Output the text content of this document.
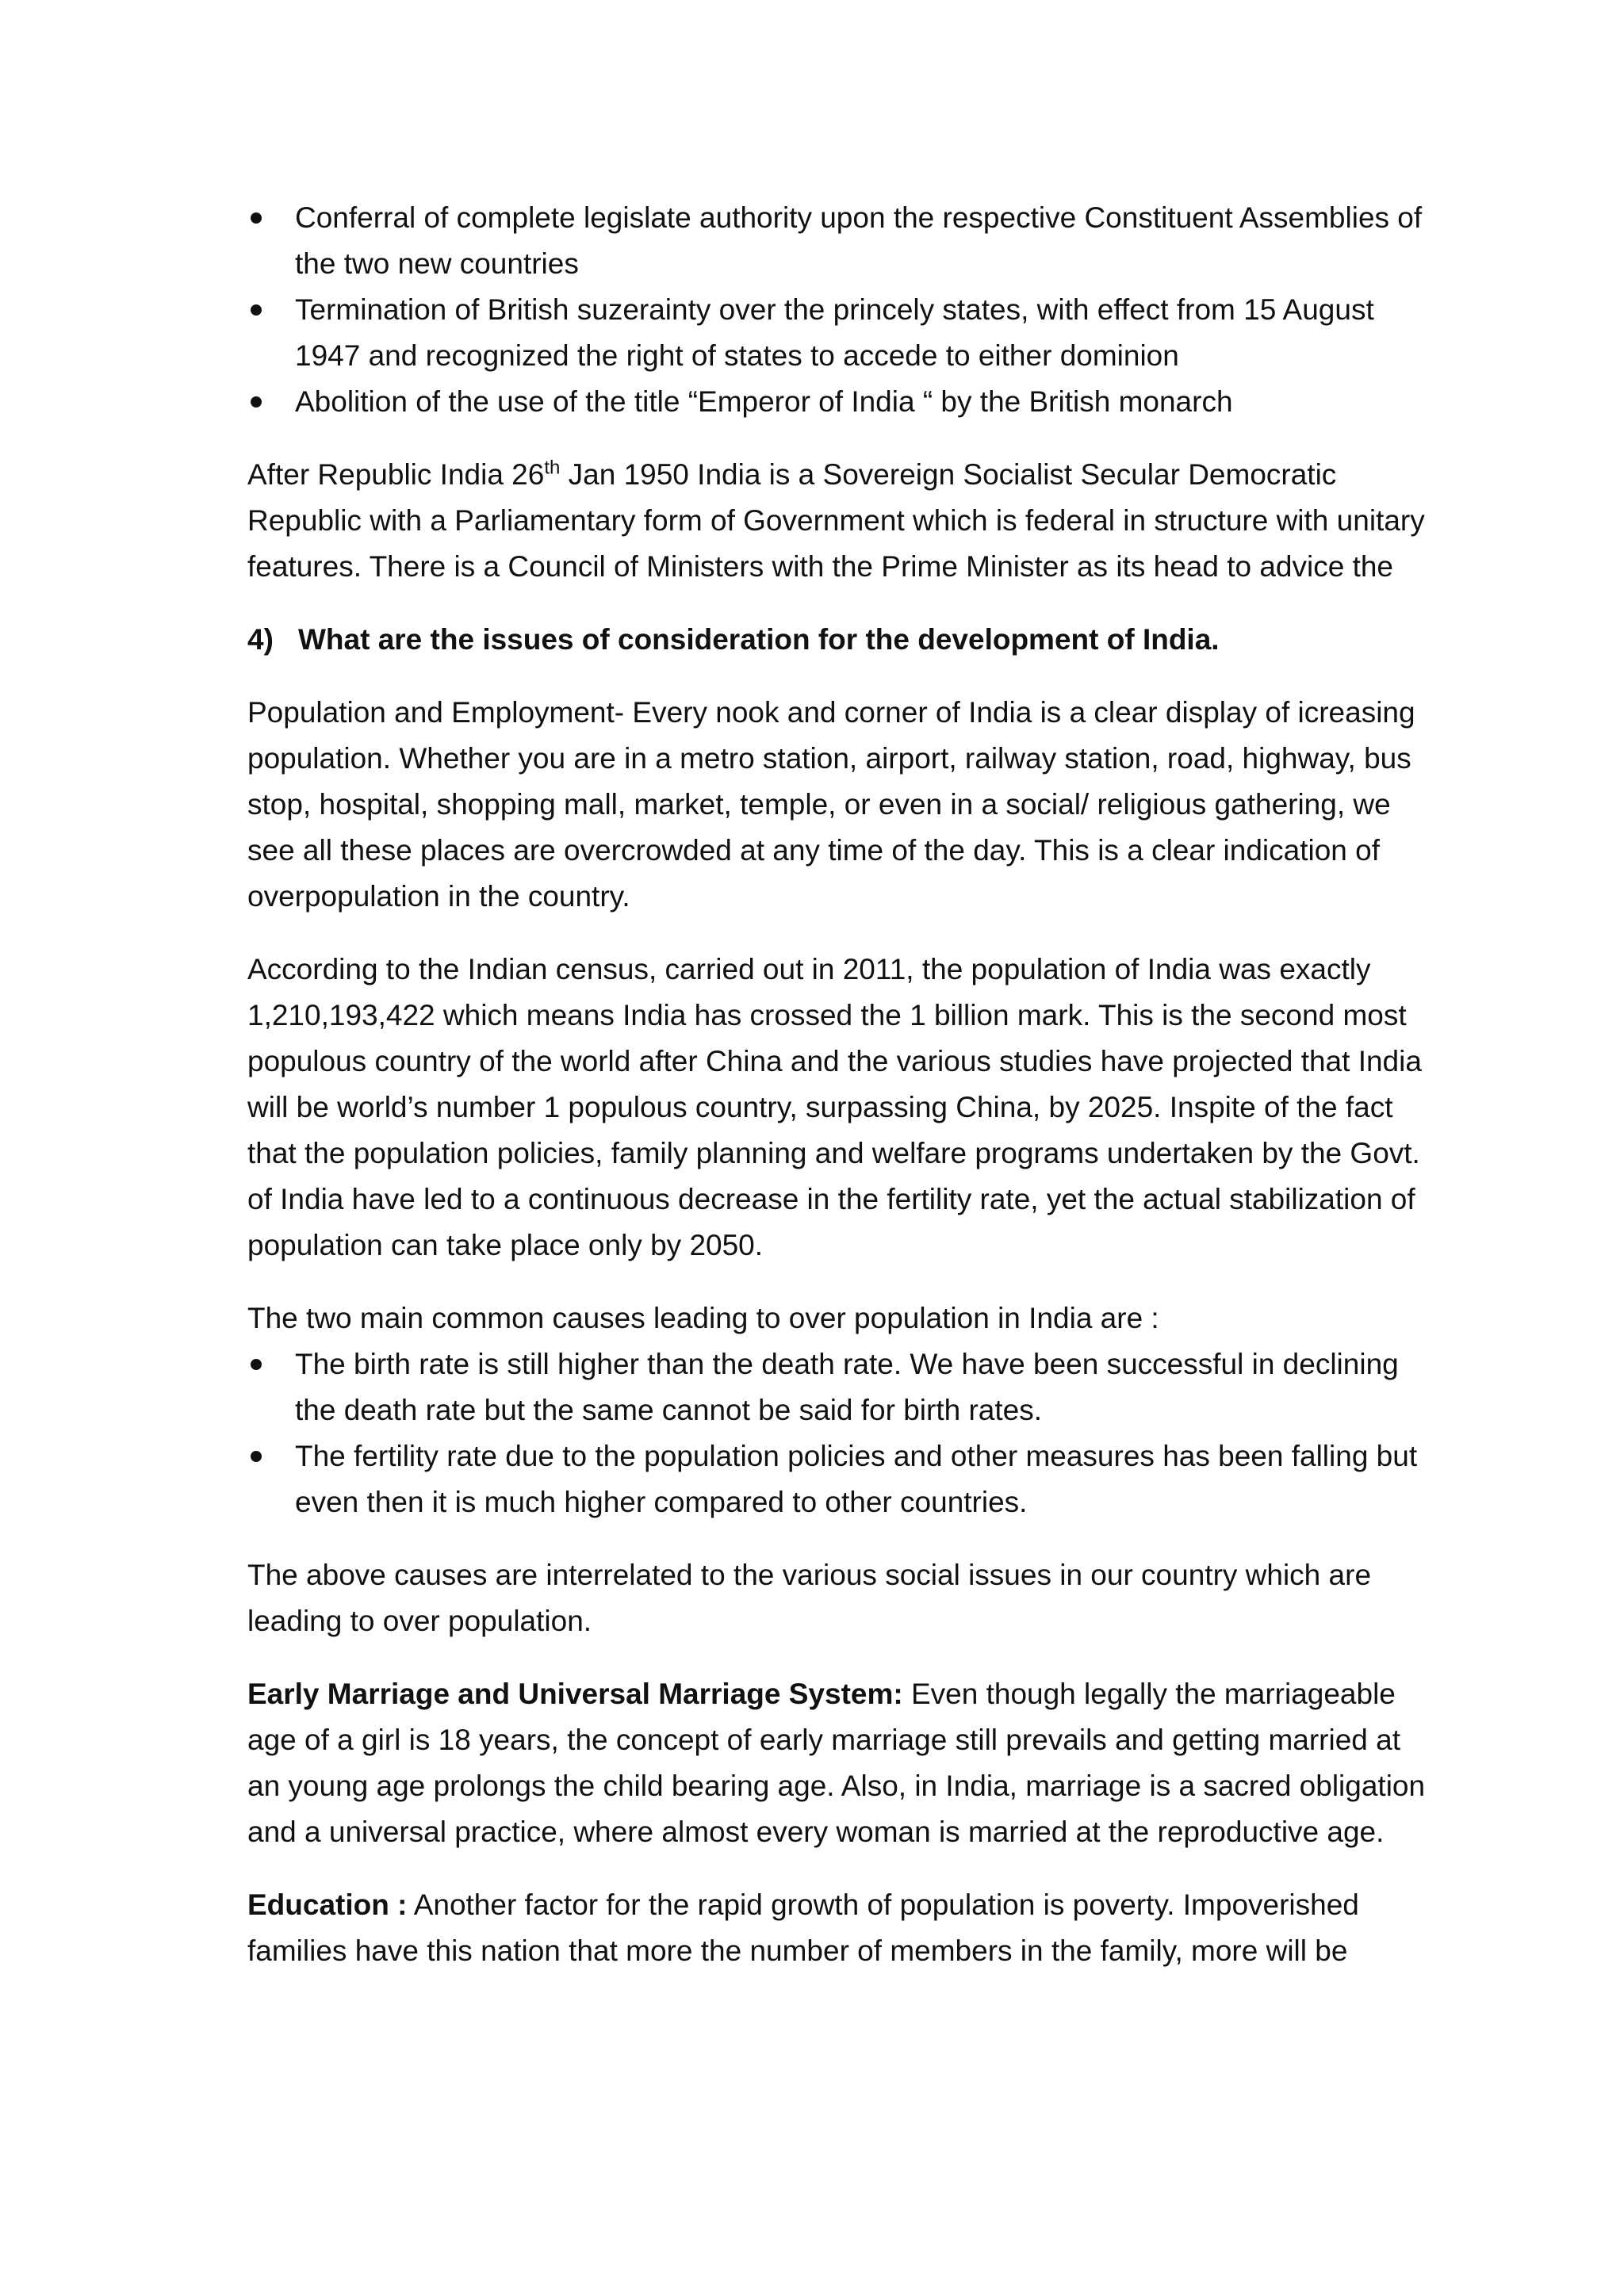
Conferral of complete legislate authority upon the respective Constituent Assemblies of the two new countries
Termination of British suzerainty over the princely states, with effect from 15 August 1947 and recognized the right of states to accede to either dominion
Abolition of the use of the title “Emperor of India “ by the British monarch

After Republic India 26th Jan 1950 India is a Sovereign Socialist Secular Democratic Republic with a Parliamentary form of Government which is federal in structure with unitary features. There is a Council of Ministers with the Prime Minister as its head to advice the

4) What are the issues of consideration for the development of India.

Population and Employment- Every nook and corner of India is a clear display of icreasing population. Whether you are in a metro station, airport, railway station, road, highway, bus stop, hospital, shopping mall, market, temple, or even in a social/ religious gathering, we see all these places are overcrowded at any time of the day. This is a clear indication of overpopulation in the country.

According to the Indian census, carried out in 2011, the population of India was exactly 1,210,193,422 which means India has crossed the 1 billion mark. This is the second most populous country of the world after China and the various studies have projected that India will be world’s number 1 populous country, surpassing China, by 2025. Inspite of the fact that the population policies, family planning and welfare programs undertaken by the Govt. of India have led to a continuous decrease in the fertility rate, yet the actual stabilization of population can take place only by 2050.

The two main common causes leading to over population in India are :

The birth rate is still higher than the death rate. We have been successful in declining the death rate but the same cannot be said for birth rates.
The fertility rate due to the population policies and other measures has been falling but even then it is much higher compared to other countries.

The above causes are interrelated to the various social issues in our country which are leading to over population.

Early Marriage and Universal Marriage System: Even though legally the marriageable age of a girl is 18 years, the concept of early marriage still prevails and getting married at an young age prolongs the child bearing age. Also, in India, marriage is a sacred obligation and a universal practice, where almost every woman is married at the reproductive age.

Education : Another factor for the rapid growth of population is poverty. Impoverished families have this nation that more the number of members in the family, more will be
